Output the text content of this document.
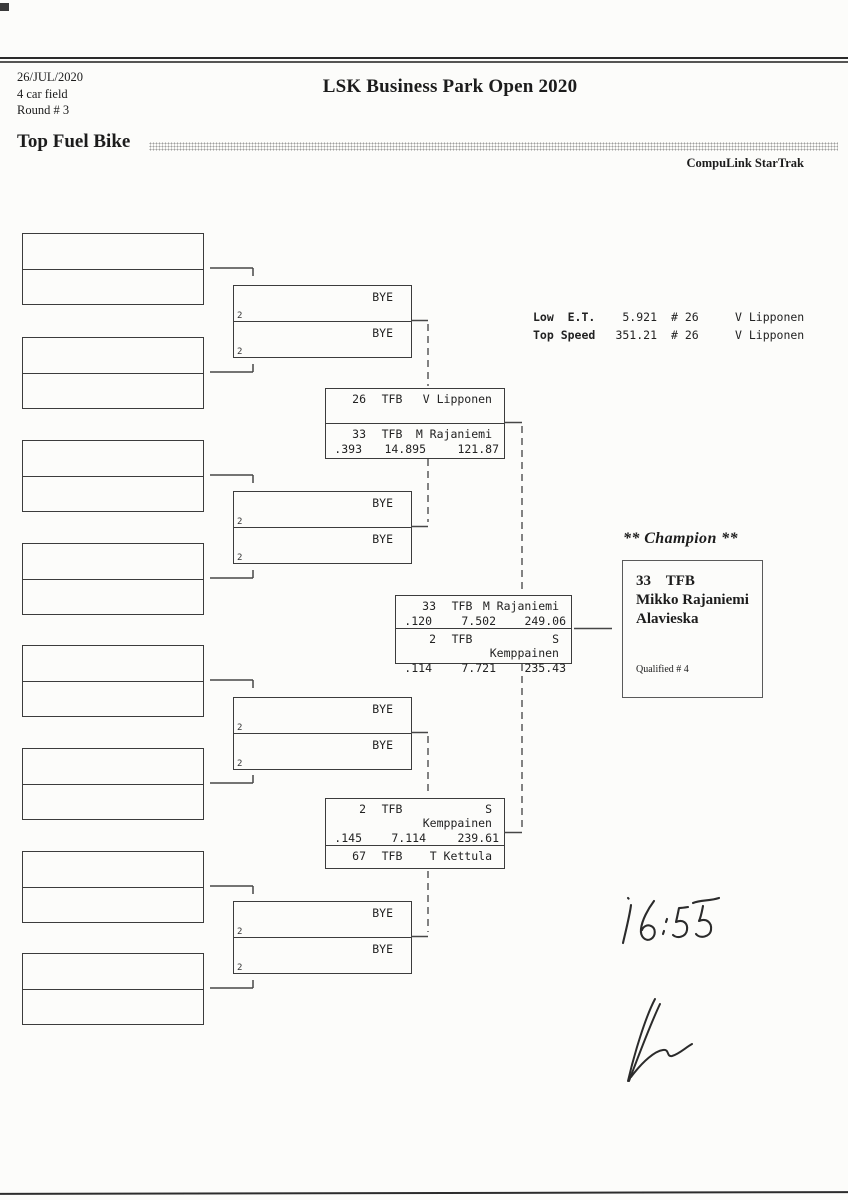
26/JUL/2020
4 car field
Round # 3
LSK Business Park Open 2020
Top Fuel Bike
CompuLink StarTrak
Low  E.T.	5.921 # 26	V Lipponen
Top Speed	351.21 # 26	V Lipponen
BYE
2
BYE
2
BYE
2
BYE
2
BYE
2
BYE
2
BYE
2
BYE
2
26	TFB	V Lipponen
33	TFB	M Rajaniemi
.393	14.895	121.87
33	TFB M Rajaniemi
.120	7.502	249.06
2	TFB	S Kemppainen
.114	7.721	235.43
2	TFB	S Kemppainen
.145	7.114	239.61
67	TFB	T Kettula
** Champion **
33    TFB
Mikko Rajaniemi
Alavieska
Qualified # 4
